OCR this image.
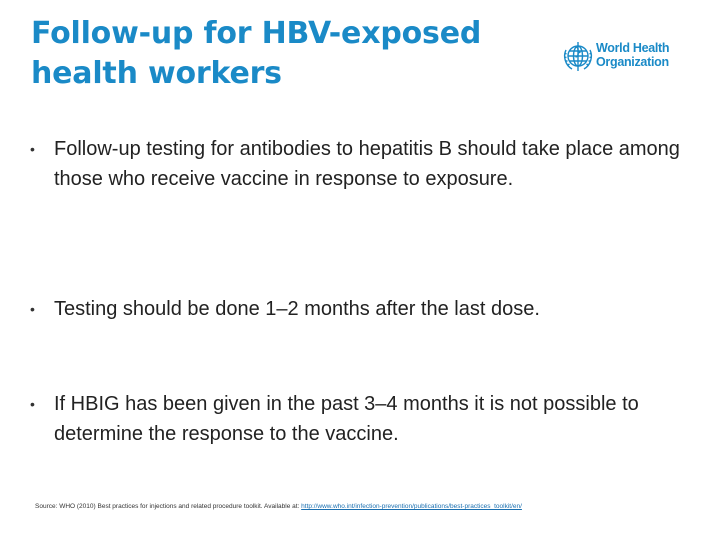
Follow-up for HBV-exposed
health workers
World Health
Organization
• Follow-up testing for antibodies to hepatitis B should take place among those who receive vaccine in response to exposure.
• Testing should be done 1–2 months after the last dose.
• If HBIG has been given in the past 3–4 months it is not possible to determine the response to the vaccine.
Source: WHO (2010) Best practices for injections and related procedure toolkit. Available at: http://www.who.int/infection-prevention/publications/best-practices_toolkit/en/
